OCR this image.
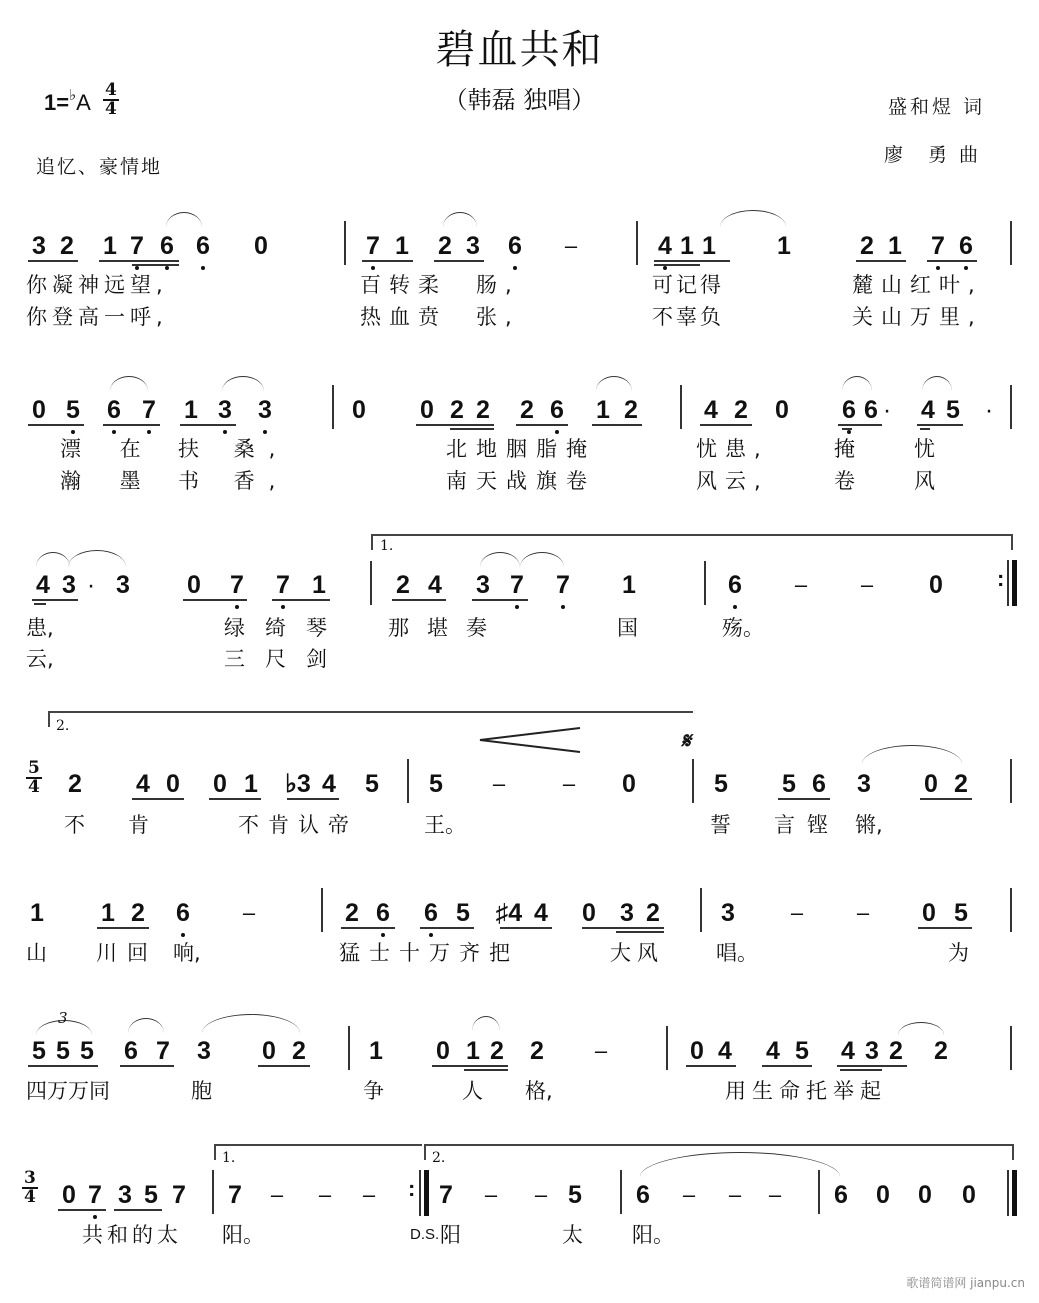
碧血共和
（韩磊 独唱）
$1=^♭A \frac{4}{4}$	盛和煜 词
廖　勇 曲
追忆、豪情地
3 2 1 7 6 6 0	7 1 2 3 6 –	4 1 1 1	2 1 7 6
你凝神远望,	百转柔　肠,	可记得	麓山红叶,
你登高一呼,	热血贲　张,	不辜负	关山万里,
0 5 6 7 1 3 3	0 0 2 2 2 6 1 2	4 2 0 6 6 · 4 5 ·
漂 在 扶 桑,	北地胭脂掩	忧患,	掩	忧
瀚 墨 书 香,	南天战旗卷	风云,	卷	风
1.
4 3 · 3 0 7 7 1	2 4 3 7 7 1	6 – – 0 :
患,	绿绮琴 那堪奏	国	殇。
云,	三尺剑
2.
𝄋
$\frac{5}{4} 2$ 4 0 0 1 ♭3 4 5 5 –	– 0	5 5 6 3 0 2
不 肯	不肯认帝	王。	誓 言铿 锵,
1 1 2 6 –	2 6 6 5 ♯4 4 0 3 2 3	– – 0 5
山 川回 响,	猛士十万齐把	大风 唱。	为
3
5 5 5 6 7 3 0 2	1 0 1 2 2 –	0 4 4 5 4 3 2 2
四万万同	胞	争	人 格,	用生命托举起
1.	2.
$\frac{3}{4} 0$ 7 3 5 7 7 – – – : 7 – – 5 6 – – – 6 0 0 0
共和的太 阳。	D.S. 阳	太 阳。
歌谱简谱网 jianpu.cn
